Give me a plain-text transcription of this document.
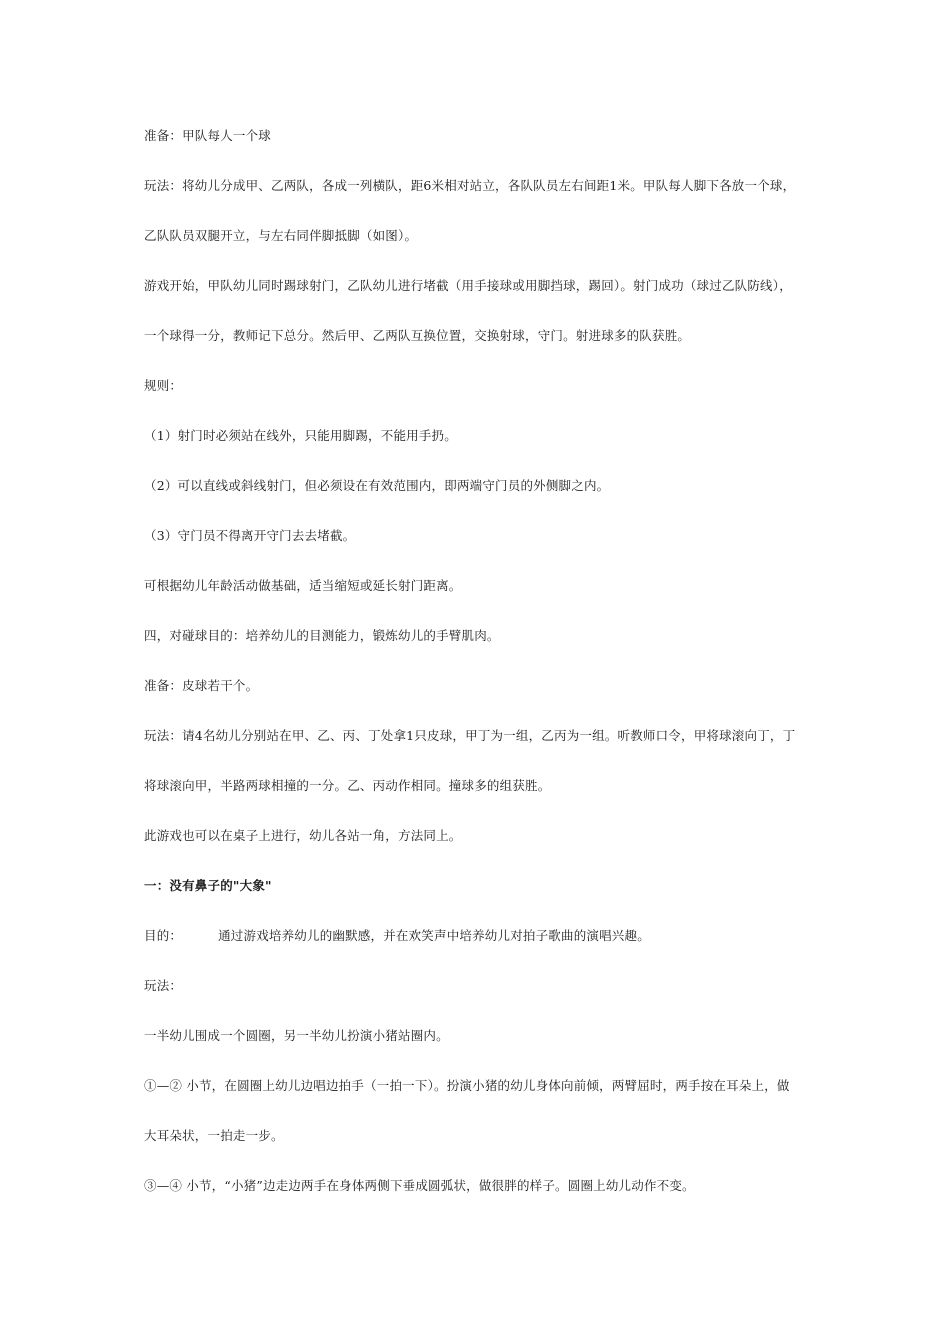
准备：甲队每人一个球
玩法：将幼儿分成甲、乙两队，各成一列横队，距6米相对站立，各队队员左右间距1米。甲队每人脚下各放一个球，
乙队队员双腿开立，与左右同伴脚抵脚（如图）。
游戏开始，甲队幼儿同时踢球射门，乙队幼儿进行堵截（用手接球或用脚挡球，踢回）。射门成功（球过乙队防线），
一个球得一分，教师记下总分。然后甲、乙两队互换位置，交换射球，守门。射进球多的队获胜。
规则：
（1）射门时必须站在线外，只能用脚踢，不能用手扔。
（2）可以直线或斜线射门，但必须设在有效范围内，即两端守门员的外侧脚之内。
（3）守门员不得离开守门去去堵截。
可根据幼儿年龄活动做基础，适当缩短或延长射门距离。
四，对碰球目的：培养幼儿的目测能力，锻炼幼儿的手臂肌肉。
准备：皮球若干个。
玩法：请4名幼儿分别站在甲、乙、丙、丁处拿1只皮球，甲丁为一组，乙丙为一组。听教师口令，甲将球滚向丁，丁
将球滚向甲，半路两球相撞的一分。乙、丙动作相同。撞球多的组获胜。
此游戏也可以在桌子上进行，幼儿各站一角，方法同上。
一：没有鼻子的"大象"
目的：	通过游戏培养幼儿的幽默感，并在欢笑声中培养幼儿对拍子歌曲的演唱兴趣。
玩法：
一半幼儿围成一个圆圈，另一半幼儿扮演小猪站圈内。
①—② 小节，在圆圈上幼儿边唱边拍手（一拍一下）。扮演小猪的幼儿身体向前倾，两臂屈时，两手按在耳朵上，做
大耳朵状，一拍走一步。
③—④ 小节，“小猪”边走边两手在身体两侧下垂成圆弧状，做很胖的样子。圆圈上幼儿动作不变。
